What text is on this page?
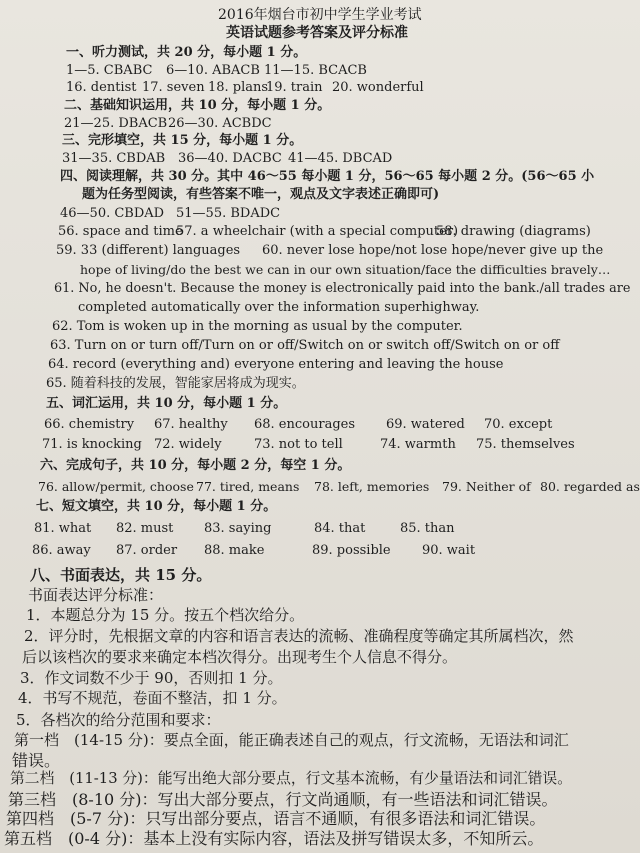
2016年烟台市初中学生学业考试
英语试题参考答案及评分标准
一、听力测试，共 20 分，每小题 1 分。
1—5. CBABC 6—10. ABACB 11—15. BCACB
16. dentist 17. seven 18. plans19. train 20. wonderful
二、基础知识运用，共 10 分，每小题 1 分。
21—25. DBACB26—30. ACBDC
三、完形填空，共 15 分，每小题 1 分。
31—35. CBDAB 36—40. DACBC 41—45. DBCAD
四、阅读理解，共 30 分。其中 46～55 每小题 1 分，56～65 每小题 2 分。(56～65 小
题为任务型阅读，有些答案不唯一，观点及文字表述正确即可)
46—50. CBDAD 51—55. BDADC
56. space and time57. a wheelchair (with a special computer)58. drawing (diagrams)
59. 33 (different) languages 60. never lose hope/not lose hope/never give up the
hope of living/do the best we can in our own situation/face the difficulties bravely…
61. No, he doesn't. Because the money is electronically paid into the bank./all trades are
completed automatically over the information superhighway.
62. Tom is woken up in the morning as usual by the computer.
63. Turn on or turn off/Turn on or off/Switch on or switch off/Switch on or off
64. record (everything and) everyone entering and leaving the house
65. 随着科技的发展，智能家居将成为现实。
五、词汇运用，共 10 分，每小题 1 分。
66. chemistry 67. healthy 68. encourages 69. watered 70. except
71. is knocking 72. widely 73. not to tell	74. warmth 75. themselves
六、完成句子，共 10 分，每小题 2 分，每空 1 分。
76. allow/permit, choose 77. tired, means 78. left, memories 79. Neither of 80. regarded as
七、短文填空，共 10 分，每小题 1 分。
81. what 82. must 83. saying	84. that	85. than
86. away 87. order 88. make	89. possible 90. wait
八、书面表达，共 15 分。
书面表达评分标准：
1．本题总分为 15 分。按五个档次给分。
2．评分时，先根据文章的内容和语言表达的流畅、准确程度等确定其所属档次，然
后以该档次的要求来确定本档次得分。出现考生个人信息不得分。
3．作文词数不少于 90，否则扣 1 分。
4．书写不规范，卷面不整洁，扣 1 分。
5．各档次的给分范围和要求：
第一档　(14-15 分)：要点全面，能正确表述自己的观点，行文流畅，无语法和词汇
错误。
第二档　(11-13 分)：能写出绝大部分要点，行文基本流畅，有少量语法和词汇错误。
第三档　(8-10 分)：写出大部分要点，行文尚通顺，有一些语法和词汇错误。
第四档　(5-7 分)：只写出部分要点，语言不通顺，有很多语法和词汇错误。
第五档　(0-4 分)：基本上没有实际内容，语法及拼写错误太多，不知所云。
